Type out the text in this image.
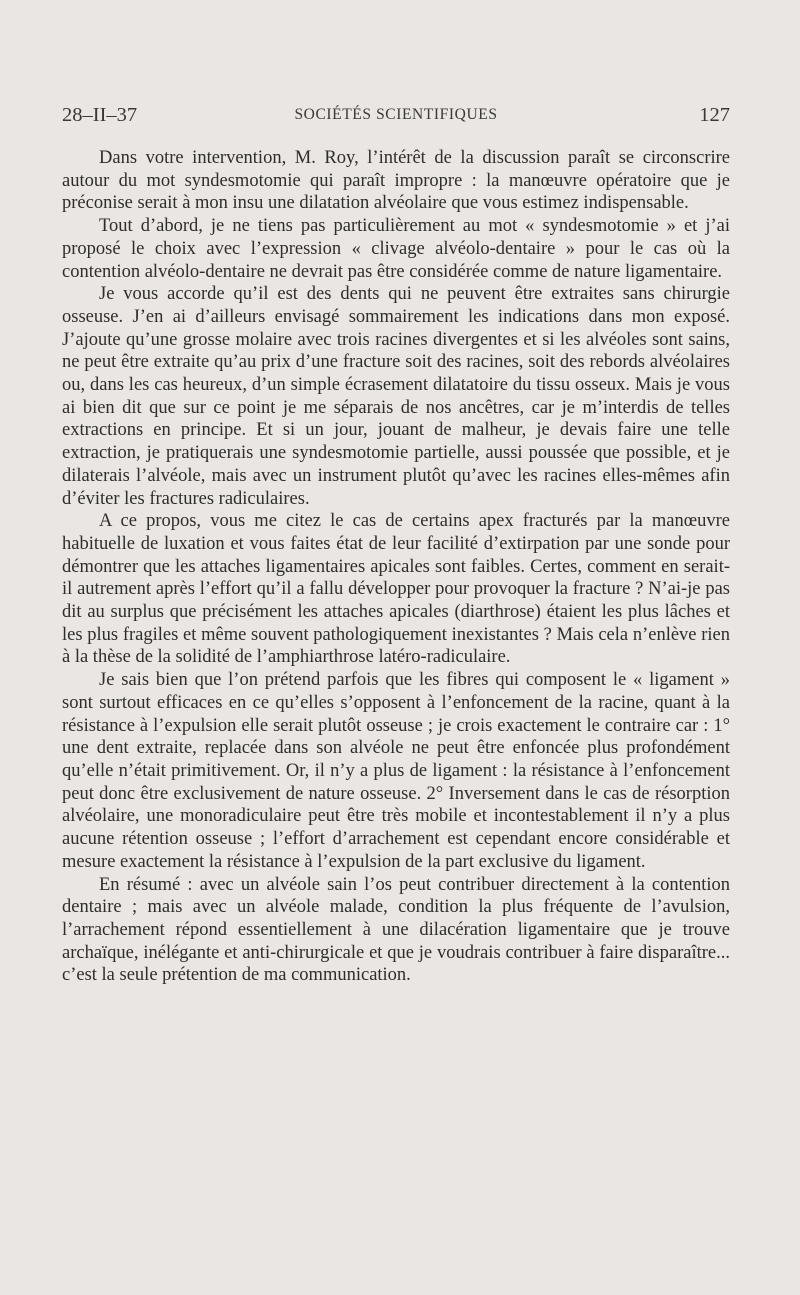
28–II–37	SOCIÉTÉS SCIENTIFIQUES	127

Dans votre intervention, M. Roy, l’intérêt de la discussion paraît se circonscrire autour du mot syndesmotomie qui paraît impropre : la manœuvre opératoire que je préconise serait à mon insu une dilatation alvéolaire que vous estimez indispensable.

Tout d’abord, je ne tiens pas particulièrement au mot « syndesmotomie » et j’ai proposé le choix avec l’expression « clivage alvéolo-dentaire » pour le cas où la contention alvéolo-dentaire ne devrait pas être considérée comme de nature ligamentaire.

Je vous accorde qu’il est des dents qui ne peuvent être extraites sans chirurgie osseuse. J’en ai d’ailleurs envisagé sommairement les indications dans mon exposé. J’ajoute qu’une grosse molaire avec trois racines divergentes et si les alvéoles sont sains, ne peut être extraite qu’au prix d’une fracture soit des racines, soit des rebords alvéolaires ou, dans les cas heureux, d’un simple écrasement dilatatoire du tissu osseux. Mais je vous ai bien dit que sur ce point je me séparais de nos ancêtres, car je m’interdis de telles extractions en principe. Et si un jour, jouant de malheur, je devais faire une telle extraction, je pratiquerais une syndesmotomie partielle, aussi poussée que possible, et je dilaterais l’alvéole, mais avec un instrument plutôt qu’avec les racines elles-mêmes afin d’éviter les fractures radiculaires.

A ce propos, vous me citez le cas de certains apex fracturés par la manœuvre habituelle de luxation et vous faites état de leur facilité d’extirpation par une sonde pour démontrer que les attaches ligamentaires apicales sont faibles. Certes, comment en serait-il autrement après l’effort qu’il a fallu développer pour provoquer la fracture ? N’ai-je pas dit au surplus que précisément les attaches apicales (diarthrose) étaient les plus lâches et les plus fragiles et même souvent pathologiquement inexistantes ? Mais cela n’enlève rien à la thèse de la solidité de l’amphiarthrose latéro-radiculaire.

Je sais bien que l’on prétend parfois que les fibres qui composent le « ligament » sont surtout efficaces en ce qu’elles s’opposent à l’enfoncement de la racine, quant à la résistance à l’expulsion elle serait plutôt osseuse ; je crois exactement le contraire car : 1° une dent extraite, replacée dans son alvéole ne peut être enfoncée plus profondément qu’elle n’était primitivement. Or, il n’y a plus de ligament : la résistance à l’enfoncement peut donc être exclusivement de nature osseuse. 2° Inversement dans le cas de résorption alvéolaire, une monoradiculaire peut être très mobile et incontestablement il n’y a plus aucune rétention osseuse ; l’effort d’arrachement est cependant encore considérable et mesure exactement la résistance à l’expulsion de la part exclusive du ligament.

En résumé : avec un alvéole sain l’os peut contribuer directement à la contention dentaire ; mais avec un alvéole malade, condition la plus fréquente de l’avulsion, l’arrachement répond essentiellement à une dilacération ligamentaire que je trouve archaïque, inélégante et anti-chirurgicale et que je voudrais contribuer à faire disparaître... c’est la seule prétention de ma communication.
